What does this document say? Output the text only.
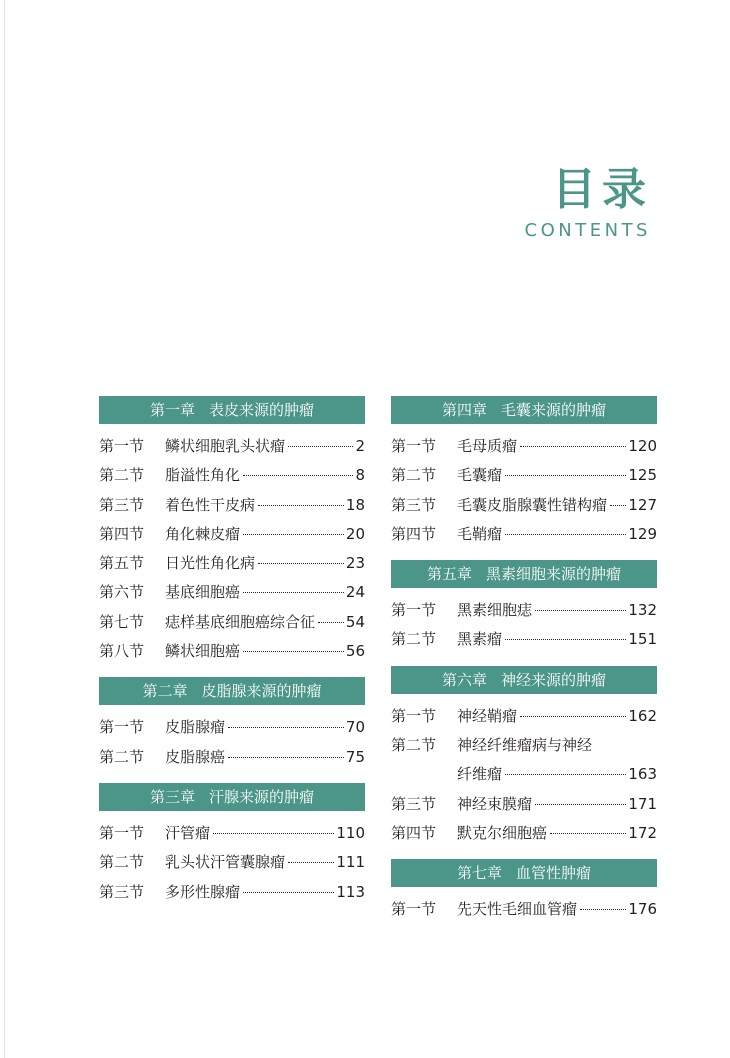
目录
CONTENTS
第一章 表皮来源的肿瘤
第一节	鳞状细胞乳头状瘤	2
第二节	脂溢性角化	8
第三节	着色性干皮病	18
第四节	角化棘皮瘤	20
第五节	日光性角化病	23
第六节	基底细胞癌	24
第七节	痣样基底细胞癌综合征 54
第八节	鳞状细胞癌	56
第二章 皮脂腺来源的肿瘤
第一节	皮脂腺瘤	70
第二节	皮脂腺癌	75
第三章 汗腺来源的肿瘤
第一节	汗管瘤	110
第二节	乳头状汗管囊腺瘤	111
第三节	多形性腺瘤	113
第四章 毛囊来源的肿瘤
第一节	毛母质瘤	120
第二节	毛囊瘤	125
第三节	毛囊皮脂腺囊性错构瘤 127
第四节	毛鞘瘤	129
第五章 黑素细胞来源的肿瘤
第一节	黑素细胞痣	132
第二节	黑素瘤	151
第六章 神经来源的肿瘤
第一节	神经鞘瘤	162
第二节	神经纤维瘤病与神经
纤维瘤	163
第三节	神经束膜瘤	171
第四节	默克尔细胞癌	172
第七章 血管性肿瘤
第一节	先天性毛细血管瘤	176
